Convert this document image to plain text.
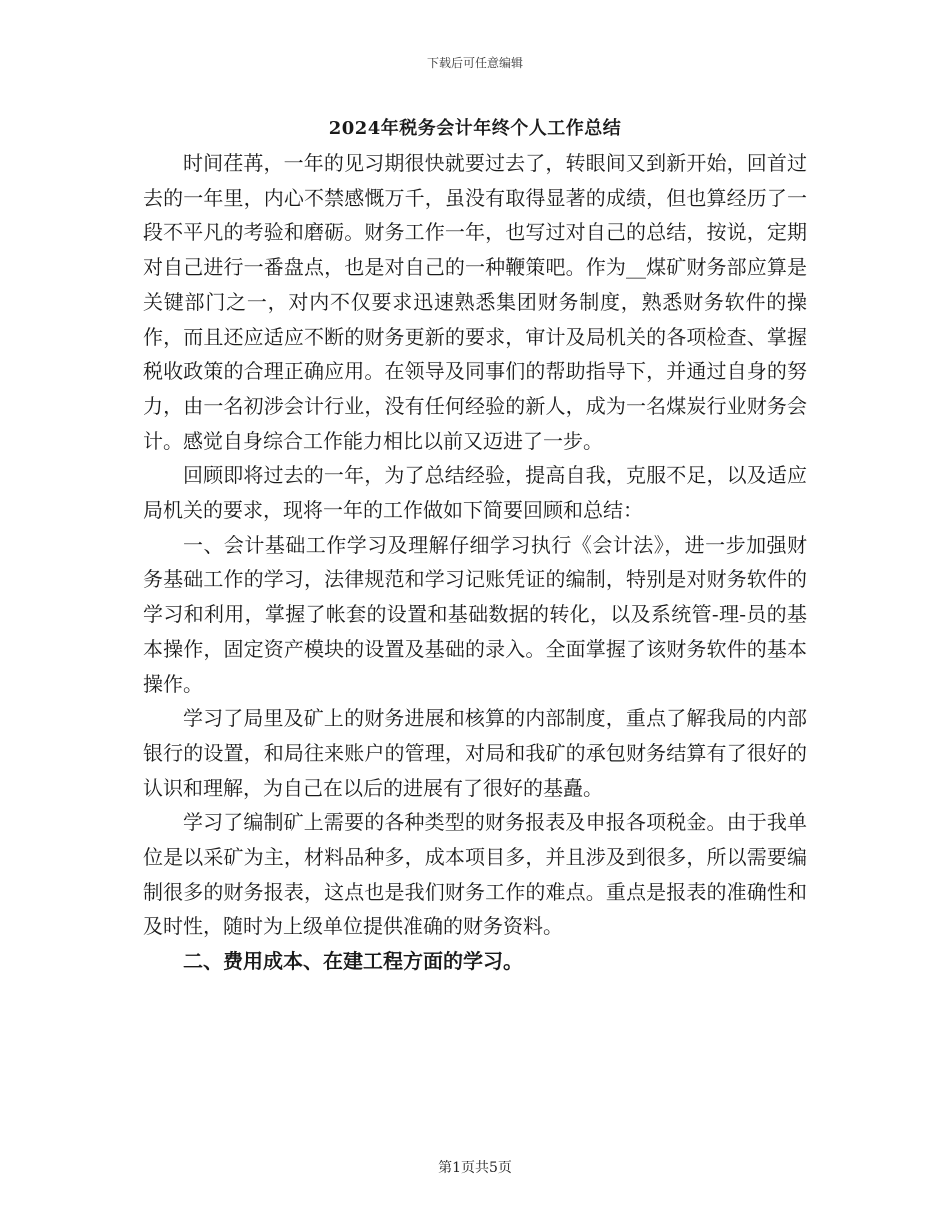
下载后可任意编辑
2024年税务会计年终个人工作总结

时间荏苒，一年的见习期很快就要过去了，转眼间又到新开始，回首过去的一年里，内心不禁感慨万千，虽没有取得显著的成绩，但也算经历了一段不平凡的考验和磨砺。财务工作一年，也写过对自己的总结，按说，定期对自己进行一番盘点，也是对自己的一种鞭策吧。作为__煤矿财务部应算是关键部门之一，对内不仅要求迅速熟悉集团财务制度，熟悉财务软件的操作，而且还应适应不断的财务更新的要求，审计及局机关的各项检查、掌握税收政策的合理正确应用。在领导及同事们的帮助指导下，并通过自身的努力，由一名初涉会计行业，没有任何经验的新人，成为一名煤炭行业财务会计。感觉自身综合工作能力相比以前又迈进了一步。

回顾即将过去的一年，为了总结经验，提高自我，克服不足，以及适应局机关的要求，现将一年的工作做如下简要回顾和总结：

一、会计基础工作学习及理解仔细学习执行《会计法》，进一步加强财务基础工作的学习，法律规范和学习记账凭证的编制，特别是对财务软件的学习和利用，掌握了帐套的设置和基础数据的转化，以及系统管-理-员的基本操作，固定资产模块的设置及基础的录入。全面掌握了该财务软件的基本操作。

学习了局里及矿上的财务进展和核算的内部制度，重点了解我局的内部银行的设置，和局往来账户的管理，对局和我矿的承包财务结算有了很好的认识和理解，为自己在以后的进展有了很好的基矗。

学习了编制矿上需要的各种类型的财务报表及申报各项税金。由于我单位是以采矿为主，材料品种多，成本项目多，并且涉及到很多，所以需要编制很多的财务报表，这点也是我们财务工作的难点。重点是报表的准确性和及时性，随时为上级单位提供准确的财务资料。

二、费用成本、在建工程方面的学习。

第1页共5页
